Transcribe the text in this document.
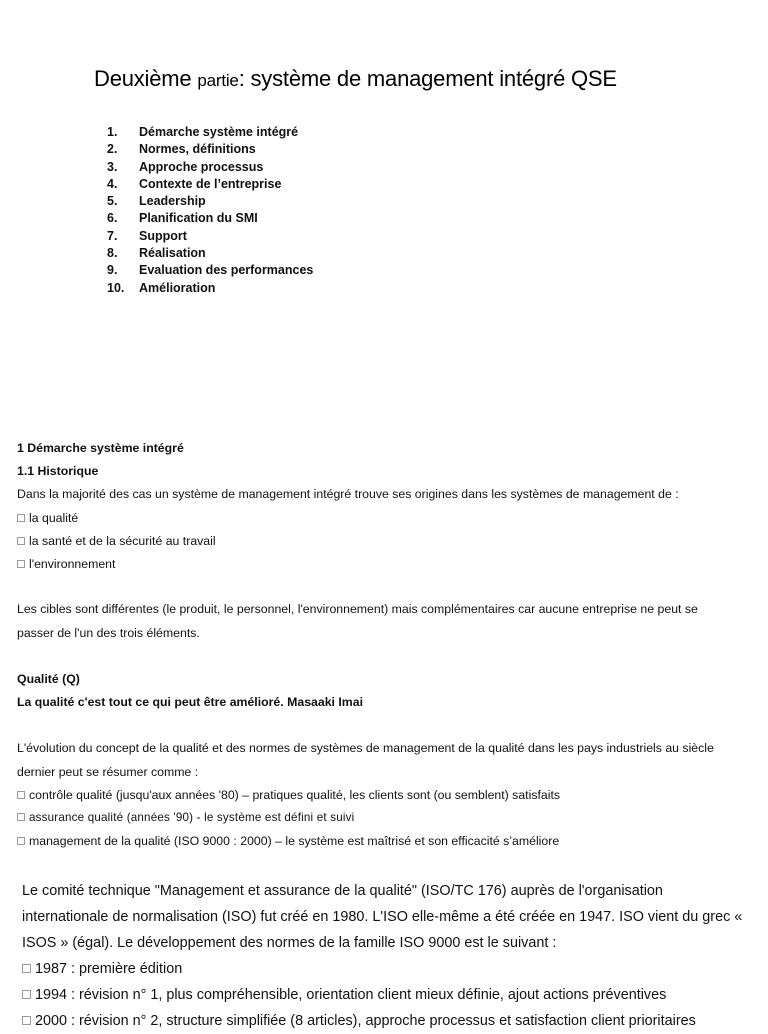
Deuxième partie: système de management intégré QSE
1.	Démarche système intégré
2.	Normes, définitions
3.	Approche processus
4.	Contexte de l’entreprise
5.	Leadership
6.	Planification du SMI
7.	Support
8.	Réalisation
9.	Evaluation des performances
10.	Amélioration
1 Démarche système intégré
1.1 Historique
Dans la majorité des cas un système de management intégré trouve ses origines dans les systèmes de management de :
la qualité
la santé et de la sécurité au travail
l'environnement
Les cibles sont différentes (le produit, le personnel, l'environnement) mais complémentaires car aucune entreprise ne peut se
passer de l'un des trois éléments.
Qualité (Q)
La qualité c'est tout ce qui peut être amélioré. Masaaki Imai
L'évolution du concept de la qualité et des normes de systèmes de management de la qualité dans les pays industriels au siècle
dernier peut se résumer comme :
contrôle qualité (jusqu'aux années '80) – pratiques qualité, les clients sont (ou semblent) satisfaits
assurance qualité (années '90) - le système est défini et suivi
management de la qualité (ISO 9000 : 2000) – le système est maîtrisé et son efficacité s’améliore
Le comité technique "Management et assurance de la qualité" (ISO/TC 176) auprès de l'organisation
internationale de normalisation (ISO) fut créé en 1980. L'ISO elle-même a été créée en 1947. ISO vient du grec «
ISOS » (égal). Le développement des normes de la famille ISO 9000 est le suivant :
1987 : première édition
1994 : révision n° 1, plus compréhensible, orientation client mieux définie, ajout actions préventives
2000 : révision n° 2, structure simplifiée (8 articles), approche processus et satisfaction client prioritaires
